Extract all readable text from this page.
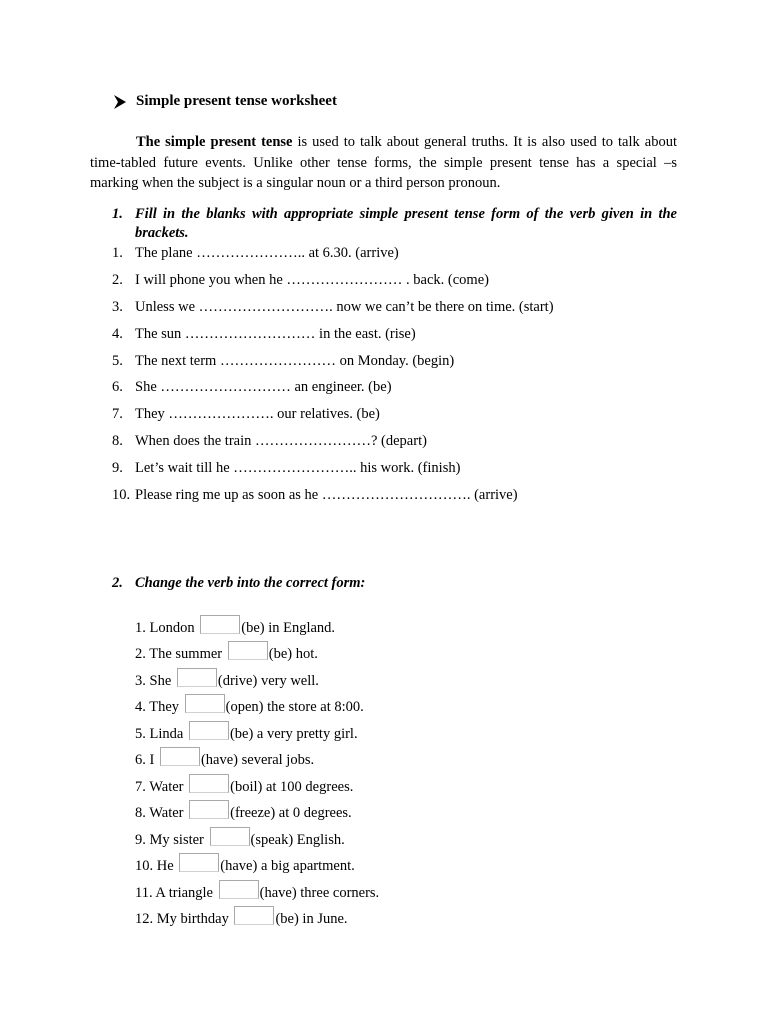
Simple present tense worksheet

The simple present tense is used to talk about general truths. It is also used to talk about time-tabled future events. Unlike other tense forms, the simple present tense has a special –s marking when the subject is a singular noun or a third person pronoun.

1. Fill in the blanks with appropriate simple present tense form of the verb given in the brackets.
1. The plane ………………….. at 6.30. (arrive)
2. I will phone you when he …………………… . back. (come)
3. Unless we ………………………. now we can’t be there on time. (start)
4. The sun ……………………… in the east. (rise)
5. The next term …………………… on Monday. (begin)
6. She ……………………… an engineer. (be)
7. They …………………. our relatives. (be)
8. When does the train ……………………? (depart)
9. Let’s wait till he …………………….. his work. (finish)
10. Please ring me up as soon as he …………………………. (arrive)
2. Change the verb into the correct form:
1. London	(be) in England.
2. The summer	(be) hot.
3. She	(drive) very well.
4. They	(open) the store at 8:00.
5. Linda	(be) a very pretty girl.
6. I	(have) several jobs.
7. Water	(boil) at 100 degrees.
8. Water	(freeze) at 0 degrees.
9. My sister	(speak) English.
10. He	(have) a big apartment.
11. A triangle	(have) three corners.
12. My birthday	(be) in June.
